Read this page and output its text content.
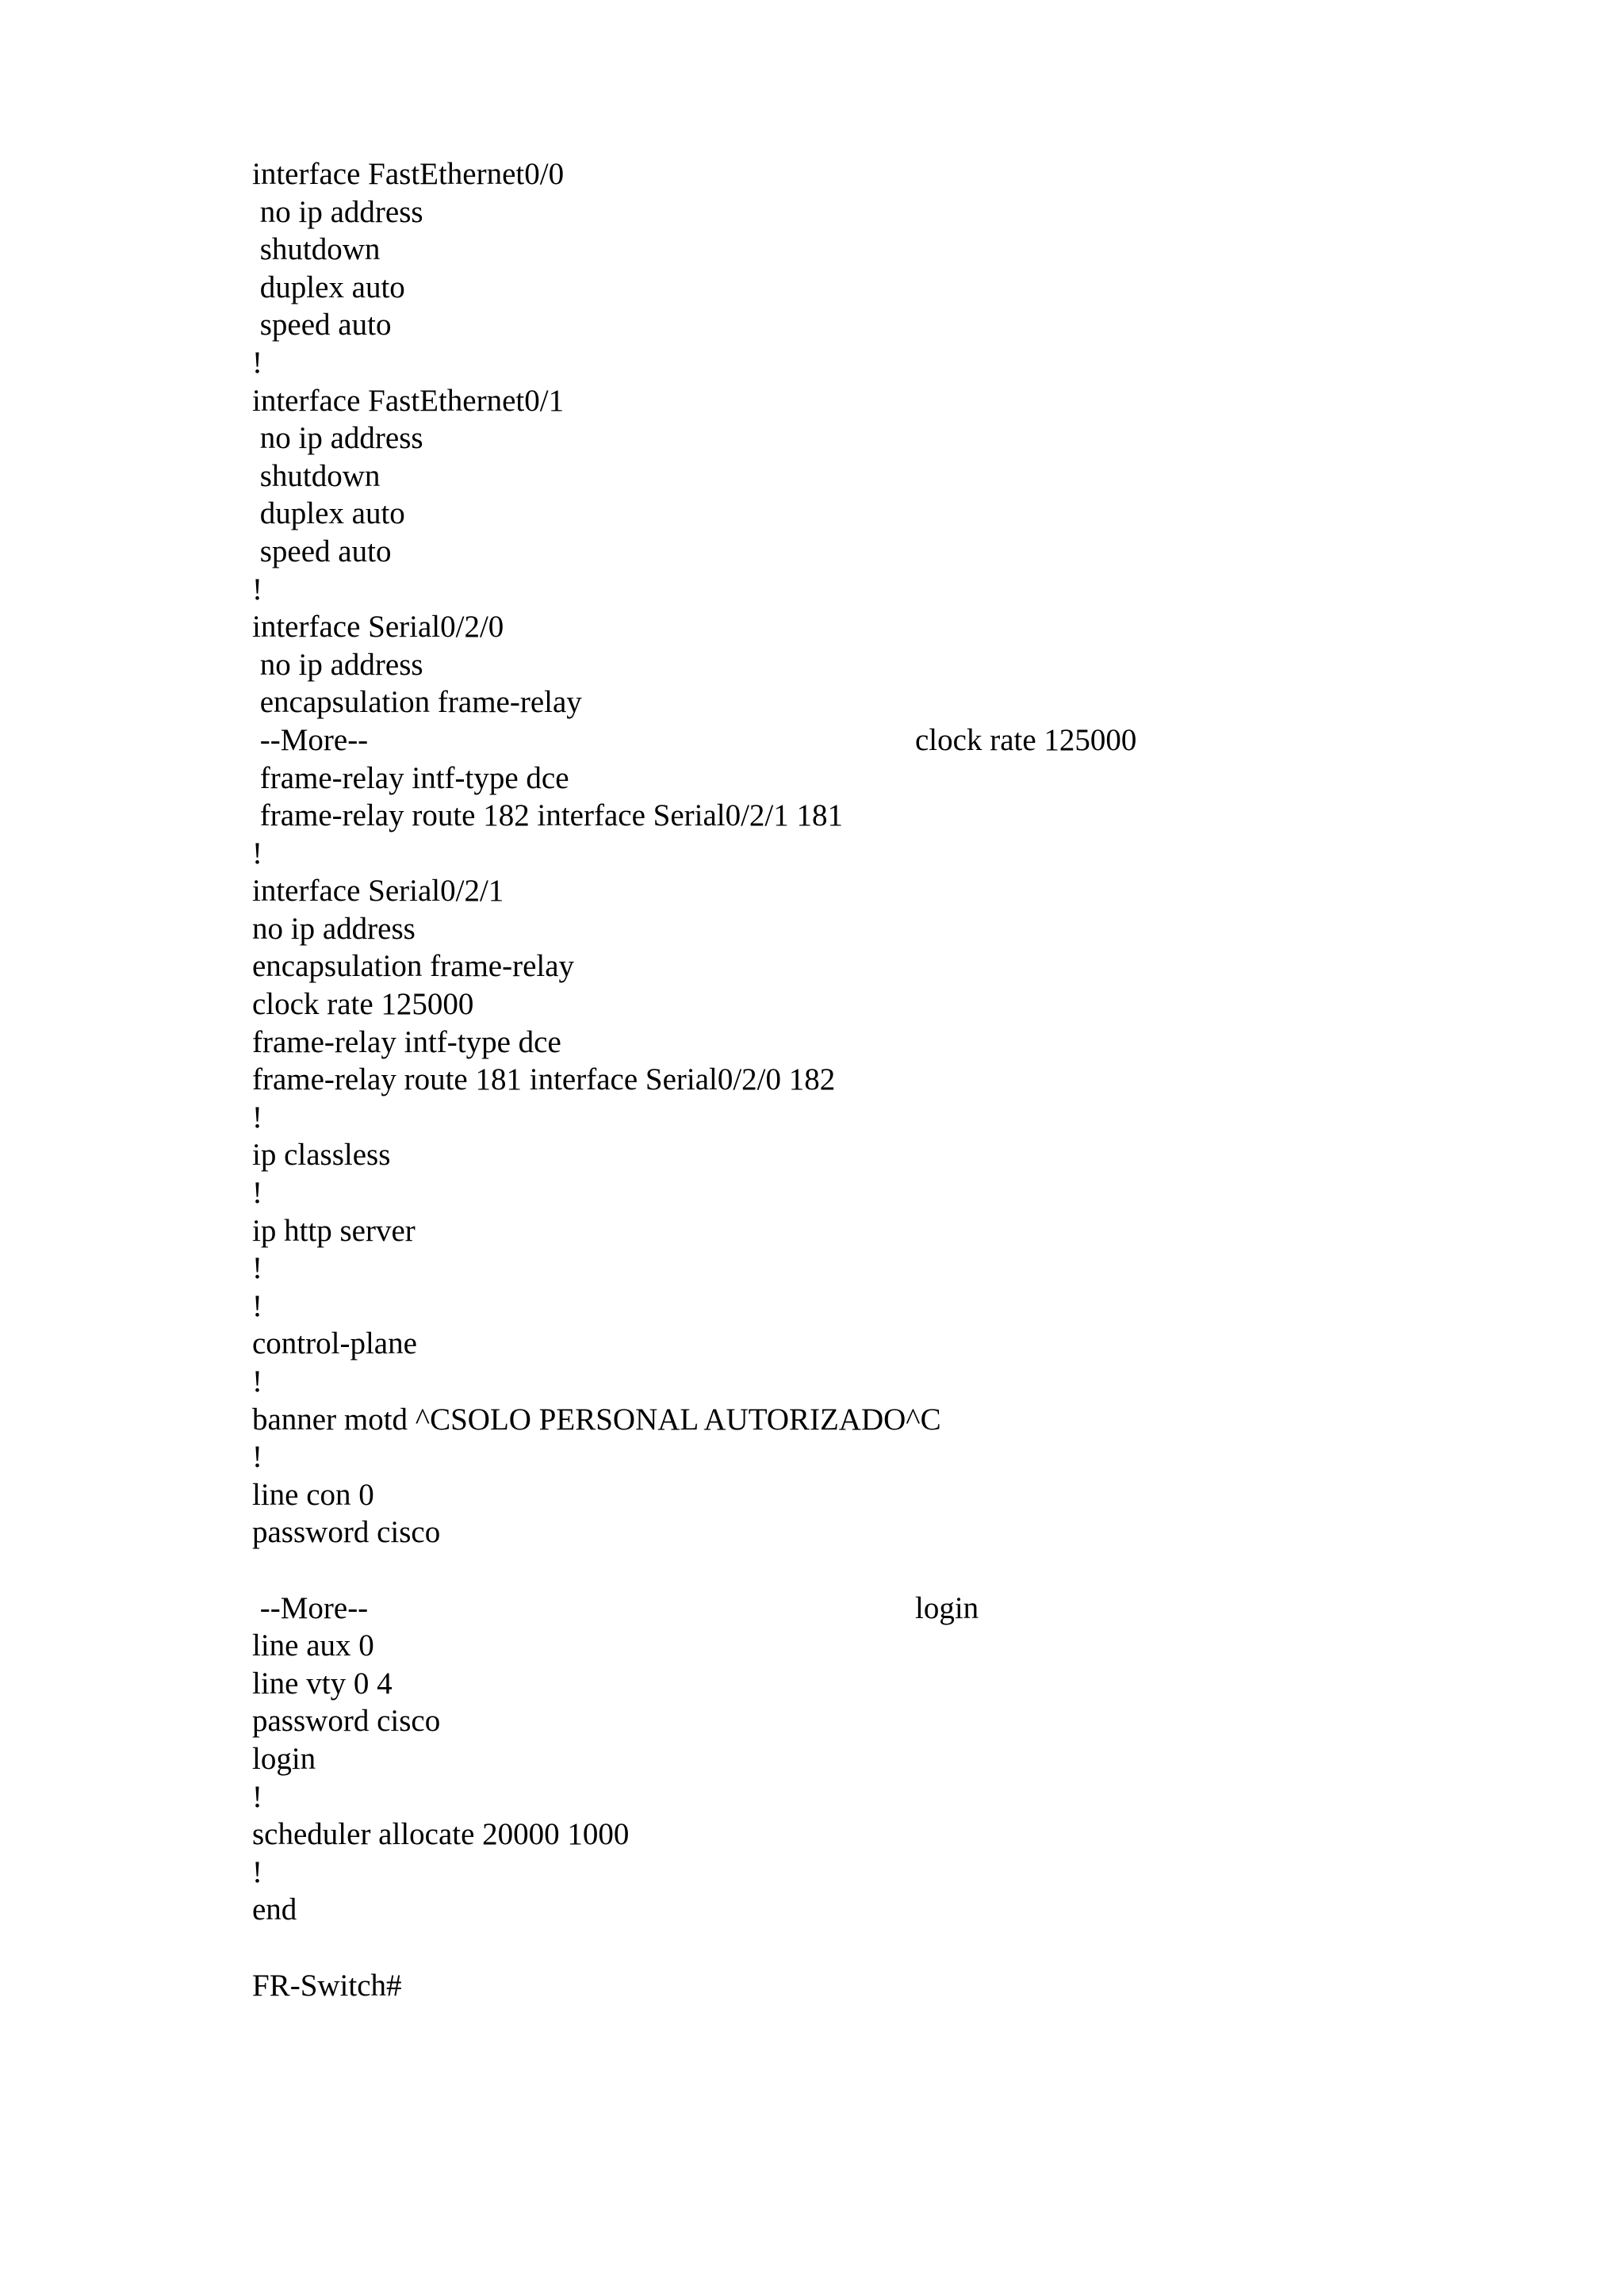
interface FastEthernet0/0
no ip address
shutdown
duplex auto
speed auto
!
interface FastEthernet0/1
no ip address
shutdown
duplex auto
speed auto
!
interface Serial0/2/0
no ip address
encapsulation frame-relay
--More--	clock rate 125000
frame-relay intf-type dce
frame-relay route 182 interface Serial0/2/1 181
!
interface Serial0/2/1
no ip address
encapsulation frame-relay
clock rate 125000
frame-relay intf-type dce
frame-relay route 181 interface Serial0/2/0 182
!
ip classless
!
ip http server
!
!
control-plane
!
banner motd ^CSOLO PERSONAL AUTORIZADO^C
!
line con 0
password cisco
--More--	login
line aux 0
line vty 0 4
password cisco
login
!
scheduler allocate 20000 1000
!
end
FR-Switch#
